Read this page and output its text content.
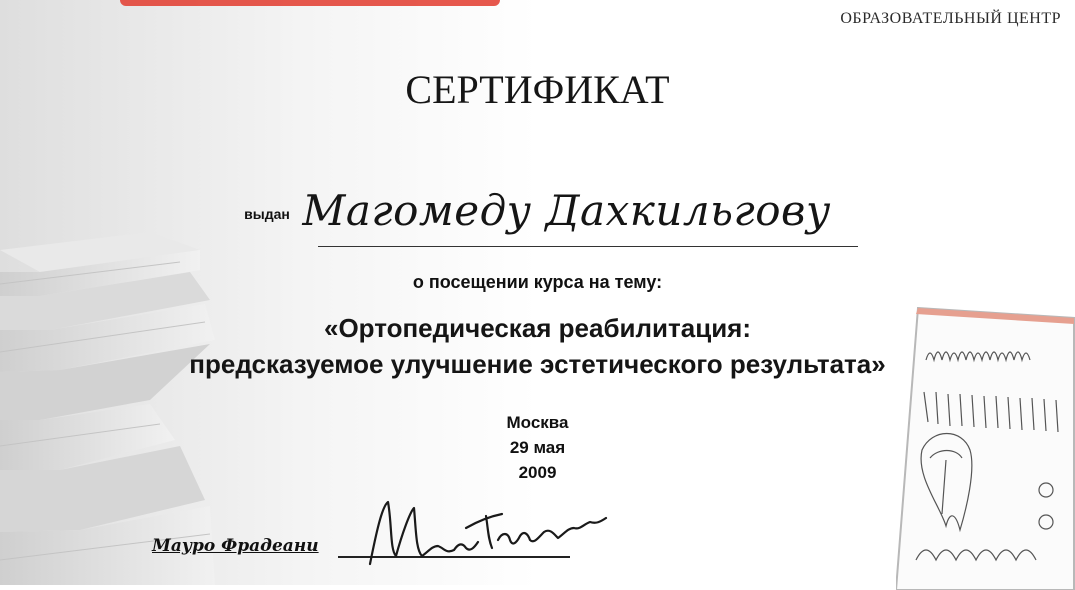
ОБРАЗОВАТЕЛЬНЫЙ ЦЕНТР
СЕРТИФИКАТ
выдан Магомеду Дахкильгову
о посещении курса на тему:
«Ортопедическая реабилитация:
предсказуемое улучшение эстетического результата»
Москва
29 мая
2009
Мауро Фрадеани
